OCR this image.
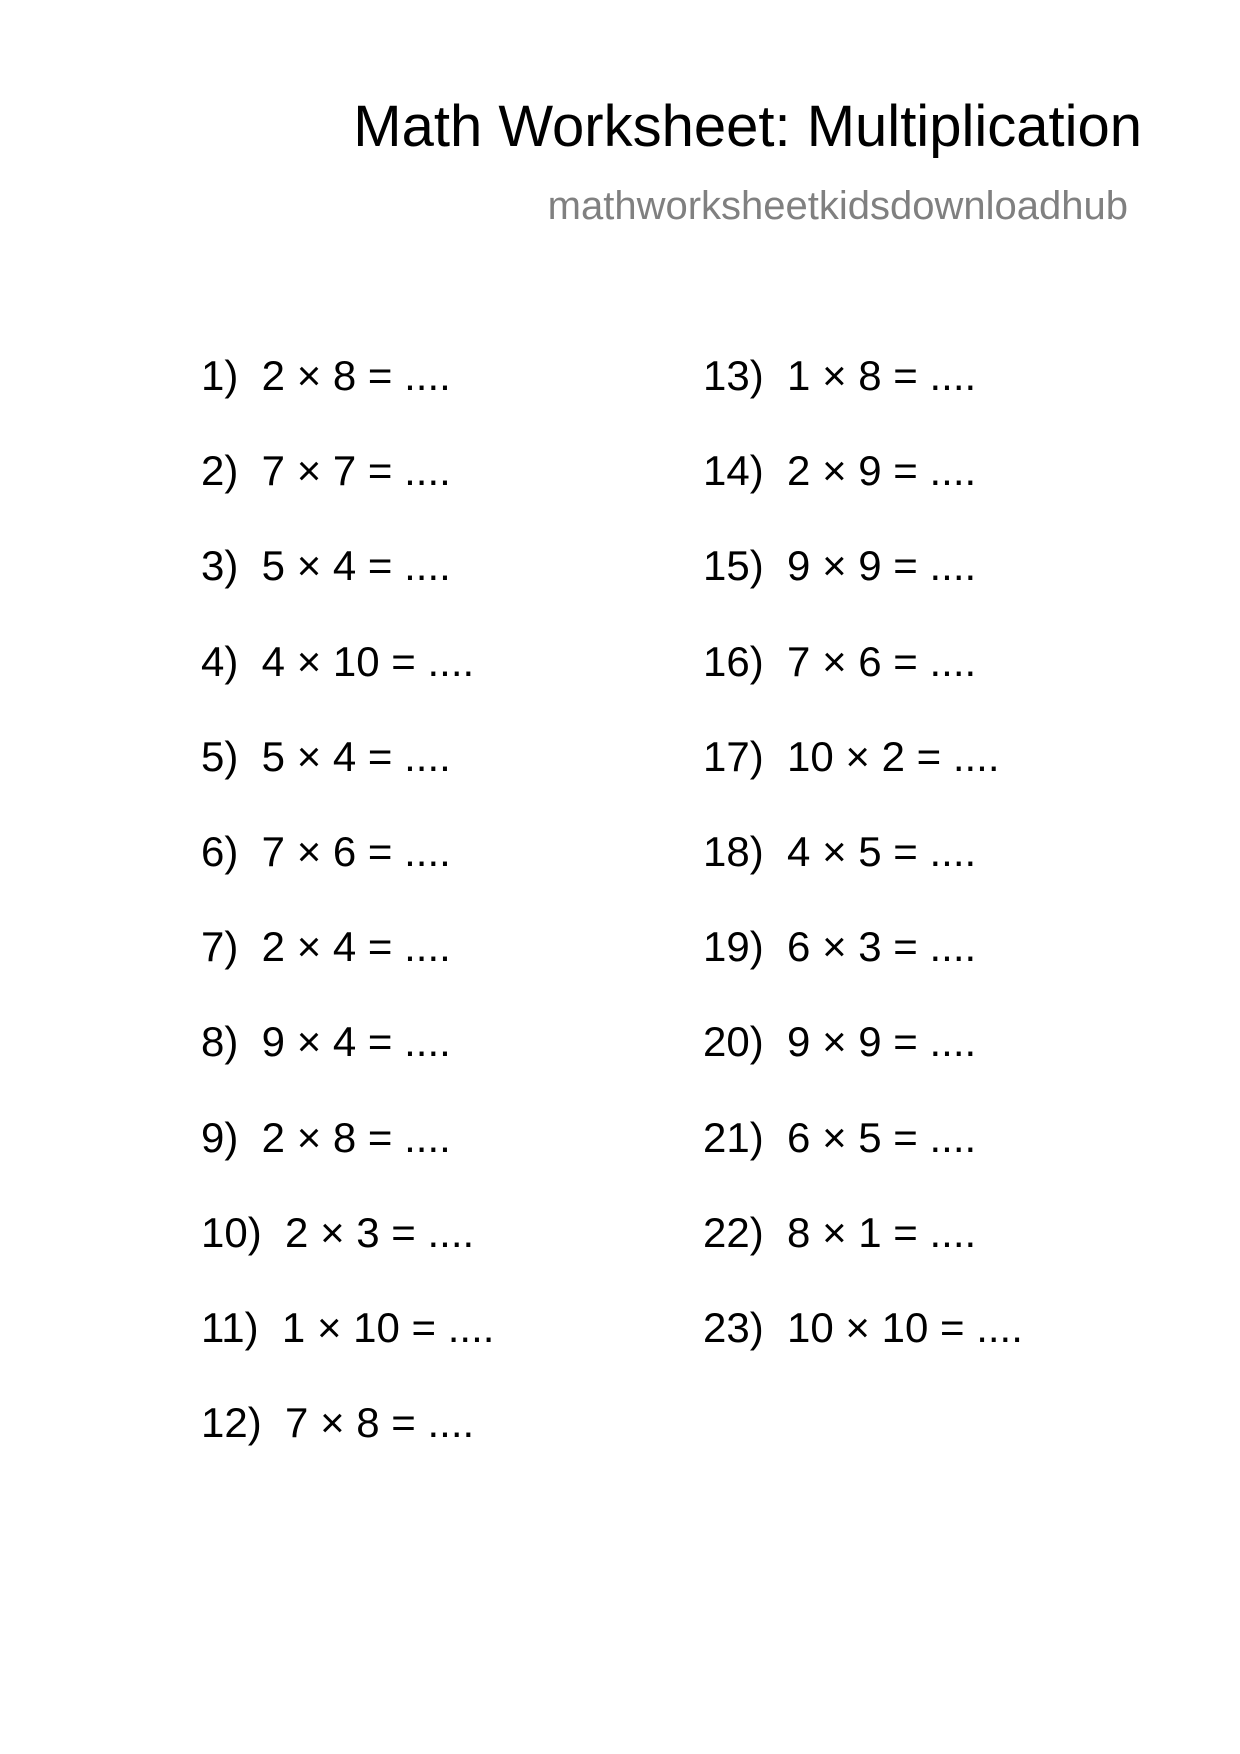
Math Worksheet: Multiplication
mathworksheetkidsdownloadhub
1)  2 × 8 = ....
2)  7 × 7 = ....
3)  5 × 4 = ....
4)  4 × 10 = ....
5)  5 × 4 = ....
6)  7 × 6 = ....
7)  2 × 4 = ....
8)  9 × 4 = ....
9)  2 × 8 = ....
10)  2 × 3 = ....
11)  1 × 10 = ....
12)  7 × 8 = ....
13)  1 × 8 = ....
14)  2 × 9 = ....
15)  9 × 9 = ....
16)  7 × 6 = ....
17)  10 × 2 = ....
18)  4 × 5 = ....
19)  6 × 3 = ....
20)  9 × 9 = ....
21)  6 × 5 = ....
22)  8 × 1 = ....
23)  10 × 10 = ....
